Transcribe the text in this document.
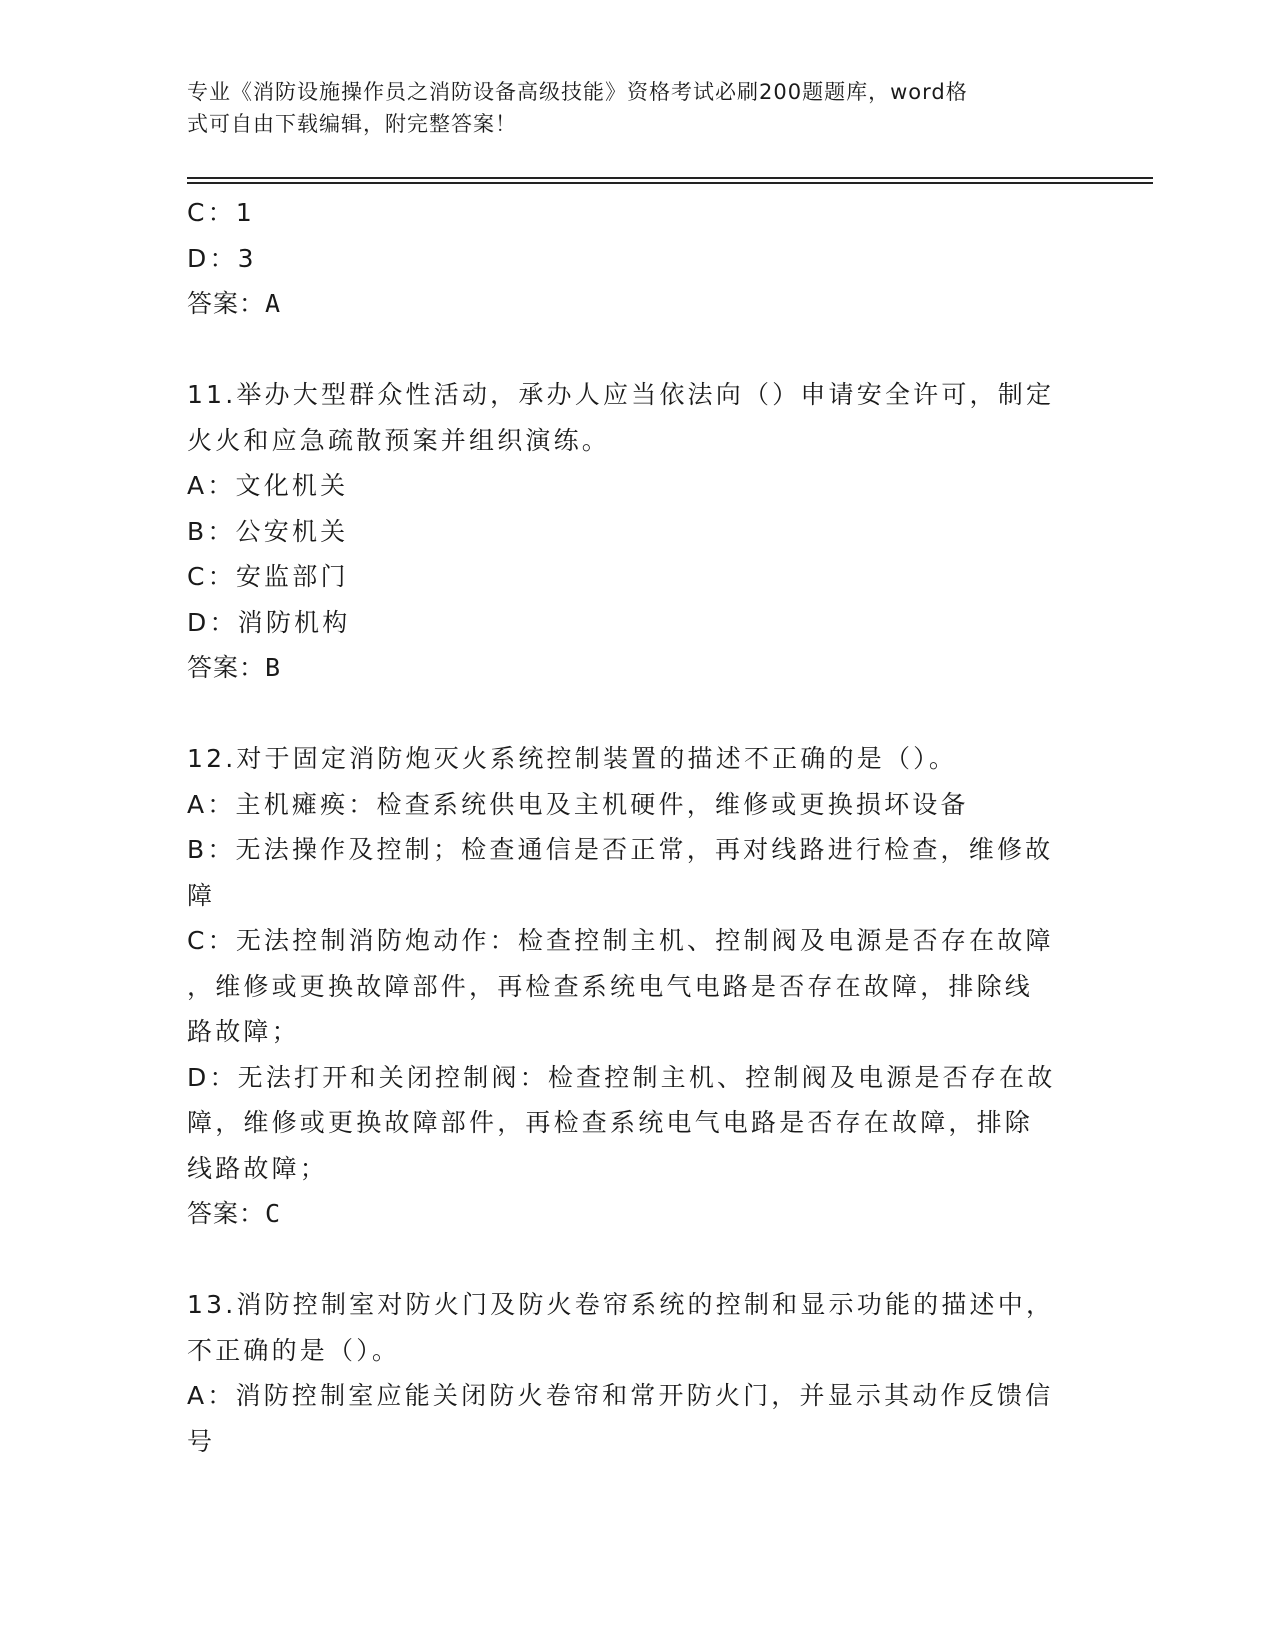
专业《消防设施操作员之消防设备高级技能》资格考试必刷200题题库，word格

式可自由下载编辑，附完整答案！

C：1

D：3

答案：A

11.举办大型群众性活动，承办人应当依法向（）申请安全许可，制定

火火和应急疏散预案并组织演练。

A：文化机关

B：公安机关

C：安监部门

D：消防机构

答案：B

12.对于固定消防炮灭火系统控制装置的描述不正确的是（）。

A：主机瘫痪：检查系统供电及主机硬件，维修或更换损坏设备

B：无法操作及控制；检查通信是否正常，再对线路进行检查，维修故

障

C：无法控制消防炮动作：检查控制主机、控制阀及电源是否存在故障

，维修或更换故障部件，再检查系统电气电路是否存在故障，排除线

路故障；

D：无法打开和关闭控制阀：检查控制主机、控制阀及电源是否存在故

障，维修或更换故障部件，再检查系统电气电路是否存在故障，排除

线路故障；

答案：C

13.消防控制室对防火门及防火卷帘系统的控制和显示功能的描述中，

不正确的是（）。

A：消防控制室应能关闭防火卷帘和常开防火门，并显示其动作反馈信

号
